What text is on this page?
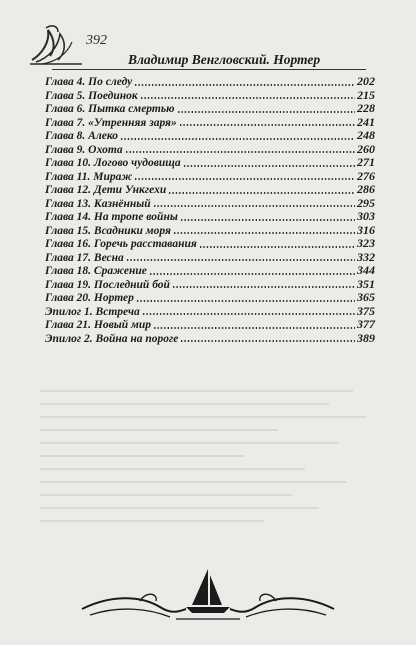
392
Владимир Венгловский. Нортер
Глава 4. По следу	202
Глава 5. Поединок	215
Глава 6. Пытка смертью	228
Глава 7. «Утренняя заря»	241
Глава 8. Алеко	248
Глава 9. Охота	260
Глава 10. Логово чудовища	271
Глава 11. Мираж	276
Глава 12. Дети Ункгехи	286
Глава 13. Казнённый	295
Глава 14. На тропе войны	303
Глава 15. Всадники моря	316
Глава 16. Горечь расставания	323
Глава 17. Весна	332
Глава 18. Сражение	344
Глава 19. Последний бой	351
Глава 20. Нортер	365
Эпилог 1. Встреча	375
Глава 21. Новый мир	377
Эпилог 2. Война на пороге	389
